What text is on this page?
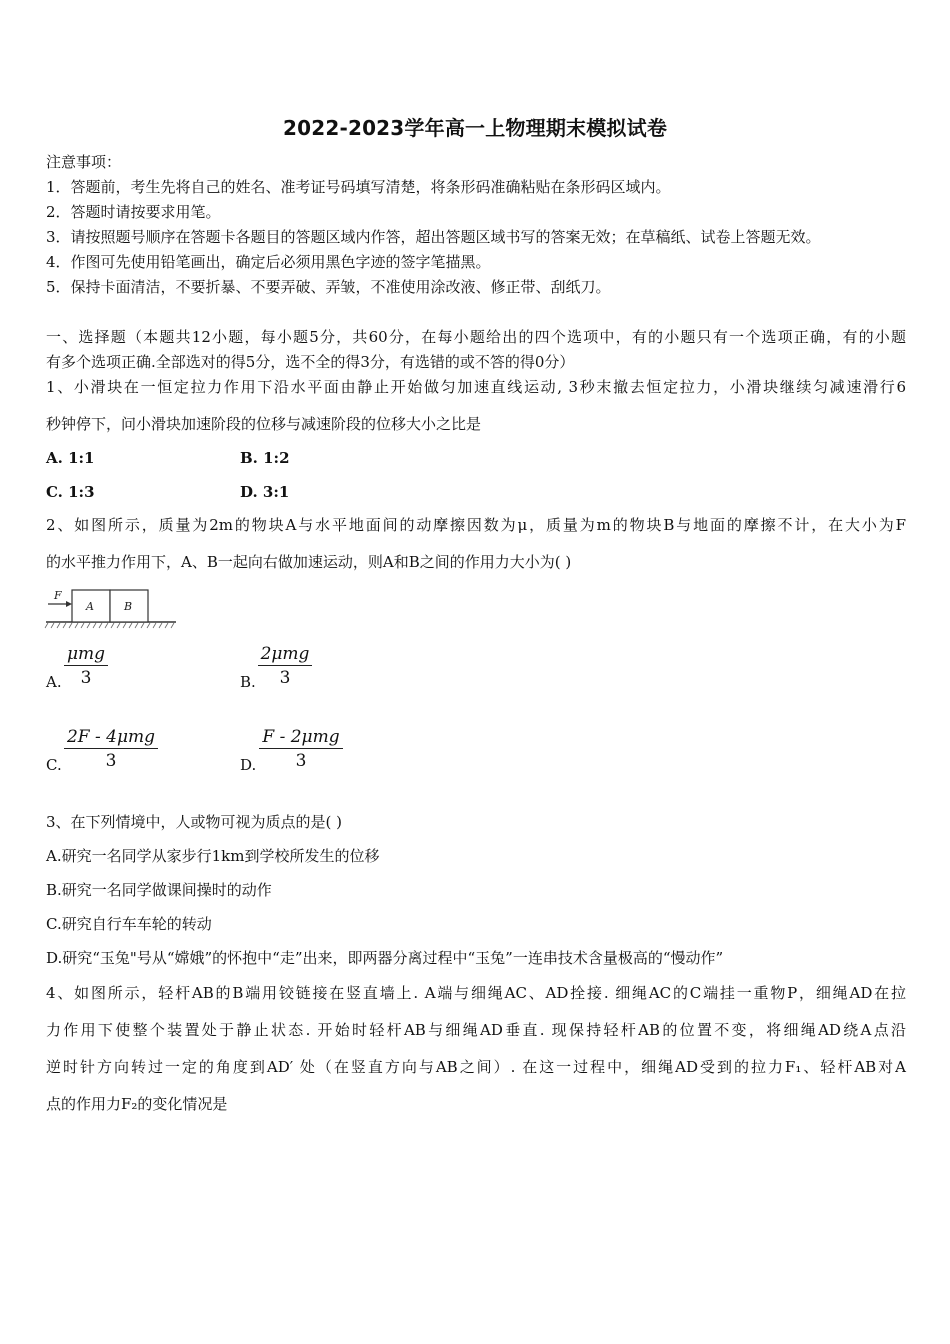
2022-2023学年高一上物理期末模拟试卷
注意事项：
1．答题前，考生先将自己的姓名、准考证号码填写清楚，将条形码准确粘贴在条形码区域内。
2．答题时请按要求用笔。
3．请按照题号顺序在答题卡各题目的答题区域内作答，超出答题区域书写的答案无效；在草稿纸、试卷上答题无效。
4．作图可先使用铅笔画出，确定后必须用黑色字迹的签字笔描黑。
5．保持卡面清洁，不要折暴、不要弄破、弄皱，不准使用涂改液、修正带、刮纸刀。
一、选择题（本题共12小题，每小题5分，共60分，在每小题给出的四个选项中，有的小题只有一个选项正确，有的小题
有多个选项正确.全部选对的得5分，选不全的得3分，有选错的或不答的得0分）
1、小滑块在一恒定拉力作用下沿水平面由静止开始做匀加速直线运动, 3秒末撤去恒定拉力，小滑块继续匀减速滑行6
秒钟停下，问小滑块加速阶段的位移与减速阶段的位移大小之比是
A. 1:1	B. 1:2
C. 1:3	D. 3:1
2、如图所示，质量为2m的物块A与水平地面间的动摩擦因数为μ，质量为m的物块B与地面的摩擦不计，在大小为F
的水平推力作用下，A、B一起向右做加速运动，则A和B之间的作用力大小为( )
F
A	B
A.
μmg
3	B.
2μmg
3
C.
2F - 4μmg
3	D.
F - 2μmg
3
3、在下列情境中，人或物可视为质点的是( )
A.研究一名同学从家步行1km到学校所发生的位移
B.研究一名同学做课间操时的动作
C.研究自行车车轮的转动
D.研究“玉兔"号从“嫦娥”的怀抱中“走”出来，即两器分离过程中“玉兔”一连串技术含量极高的“慢动作”
4、如图所示，轻杆AB的B端用铰链接在竖直墙上. A端与细绳AC、AD拴接. 细绳AC的C端挂一重物P，细绳AD在拉
力作用下使整个装置处于静止状态. 开始时轻杆AB与细绳AD垂直. 现保持轻杆AB的位置不变，将细绳AD绕A点沿
逆时针方向转过一定的角度到AD′ 处（在竖直方向与AB之间）. 在这一过程中，细绳AD受到的拉力F₁、轻杆AB对A
点的作用力F₂的变化情况是
